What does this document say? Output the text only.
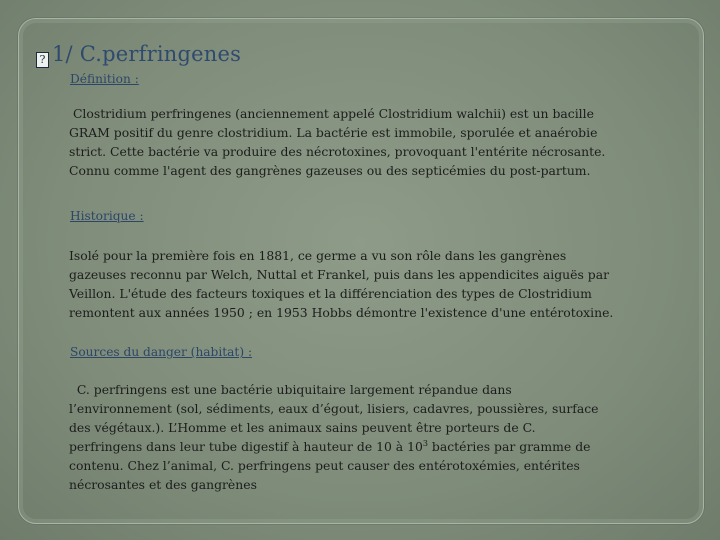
? 1/ C.perfringenes
Définition :
Clostridium perfringenes (anciennement appelé Clostridium walchii) est un bacille
GRAM positif du genre clostridium. La bactérie est immobile, sporulée et anaérobie
strict. Cette bactérie va produire des nécrotoxines, provoquant l'entérite nécrosante.
Connu comme l'agent des gangrènes gazeuses ou des septicémies du post-partum.
Historique :
Isolé pour la première fois en 1881, ce germe a vu son rôle dans les gangrènes
gazeuses reconnu par Welch, Nuttal et Frankel, puis dans les appendicites aiguës par
Veillon. L'étude des facteurs toxiques et la différenciation des types de Clostridium
remontent aux années 1950 ; en 1953 Hobbs démontre l'existence d'une entérotoxine.
Sources du danger (habitat) :
C. perfringens est une bactérie ubiquitaire largement répandue dans
l’environnement (sol, sédiments, eaux d’égout, lisiers, cadavres, poussières, surface
des végétaux.). L’Homme et les animaux sains peuvent être porteurs de C.
perfringens dans leur tube digestif à hauteur de 10 à $10^3$ bactéries par gramme de
contenu. Chez l’animal, C. perfringens peut causer des entérotoxémies, entérites
nécrosantes et des gangrènes
